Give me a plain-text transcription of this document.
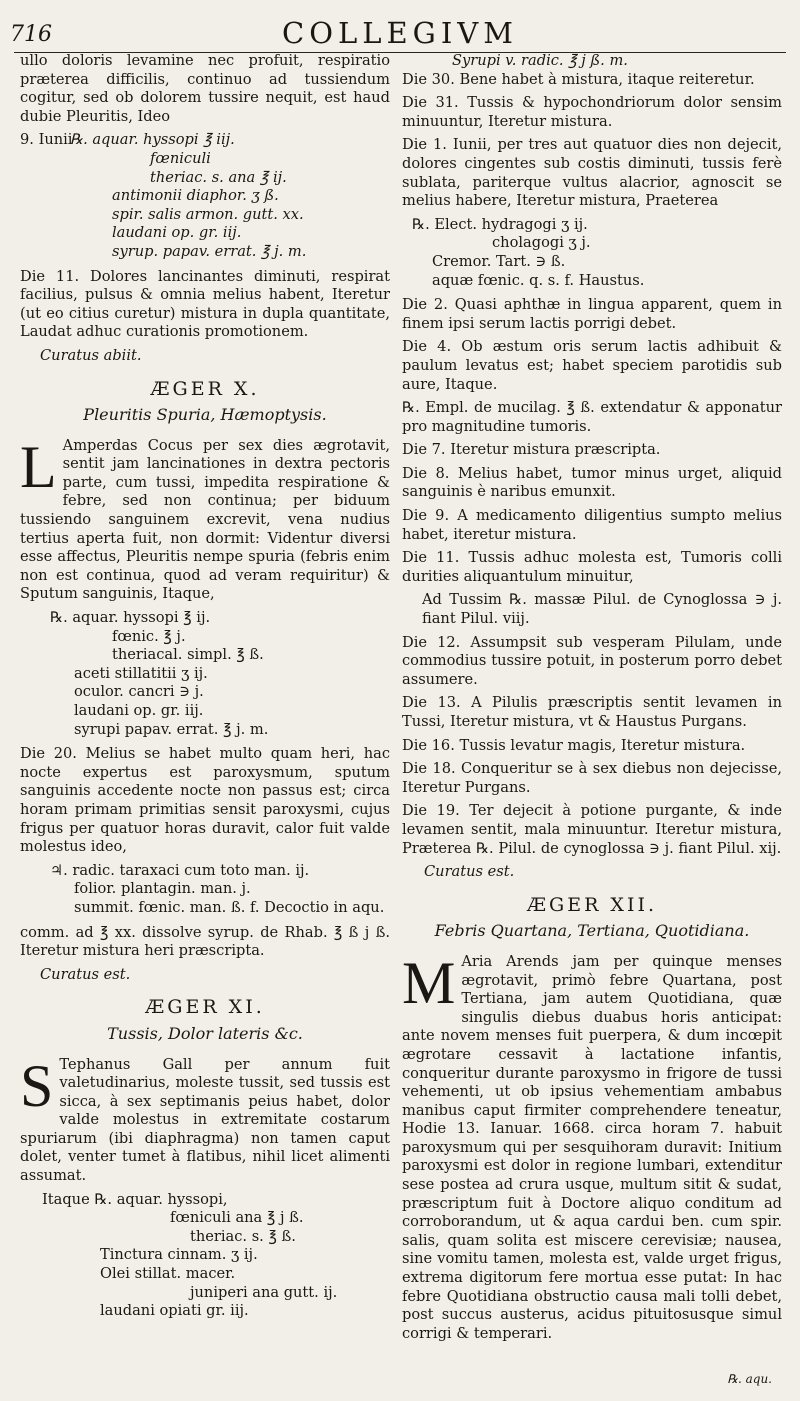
716	COLLEGIVM

ullo doloris levamine nec profuit, respiratio præterea difficilis, continuo ad tussiendum cogitur, sed ob dolorem tussire nequit, est haud dubie Pleuritis, Ideo

9. Iunii℞. aquar. hyssopi ℥ iij.
fœniculi
theriac. s. ana ℥ ij.
antimonii diaphor. ʒ ß.
spir. salis armon. gutt. xx.
laudani op. gr. iij.
syrup. papav. errat. ℥ j. m.

Die 11. Dolores lancinantes diminuti, respirat facilius, pulsus & omnia melius habent, Iteretur (ut eo citius curetur) mistura in dupla quantitate, Laudat adhuc curationis promotionem.

Curatus abiit.

ÆGER X.
Pleuritis Spuria, Hæmoptysis.

L Amperdas Cocus per sex dies ægrotavit, sentit jam lancinationes in dextra pectoris parte, cum tussi, impedita respiratione & febre, sed non continua; per biduum tussiendo sanguinem excrevit, vena nudius tertius aperta fuit, non dormit: Videntur diversi esse affectus, Pleuritis nempe spuria (febris enim non est continua, quod ad veram requiritur) & Sputum sanguinis, Itaque,

℞. aquar. hyssopi ℥ ij.
fœnic. ℥ j.
theriacal. simpl. ℥ ß.
aceti stillatitii ʒ ij.
oculor. cancri ∋ j.
laudani op. gr. iij.
syrupi papav. errat. ℥ j. m.

Die 20. Melius se habet multo quam heri, hac nocte expertus est paroxysmum, sputum sanguinis accedente nocte non passus est; circa horam primam primitias sensit paroxysmi, cujus frigus per quatuor horas duravit, calor fuit valde molestus ideo,

♃. radic. taraxaci cum toto man. ij.
folior. plantagin. man. j.
summit. fœnic. man. ß. f. Decoctio in aqu.

comm. ad ℥ xx. dissolve syrup. de Rhab. ℥ ß j ß. Iteretur mistura heri præscripta.

Curatus est.

ÆGER XI.
Tussis, Dolor lateris &c.

S Tephanus Gall per annum fuit valetudinarius, moleste tussit, sed tussis est sicca, à sex septimanis peius habet, dolor valde molestus in extremitate costarum spuriarum (ibi diaphragma) non tamen caput dolet, venter tumet à flatibus, nihil licet alimenti assumat.

Itaque ℞. aquar. hyssopi,
fœniculi ana ℥ j ß.
theriac. s. ℥ ß.
Tinctura cinnam. ʒ ij.
Olei stillat. macer.
juniperi ana gutt. ij.
laudani opiati gr. iij.
Syrupi v. radic. ℥ j ß. m.

Die 30. Bene habet à mistura, itaque reiteretur.

Die 31. Tussis & hypochondriorum dolor sensim minuuntur, Iteretur mistura.

Die 1. Iunii, per tres aut quatuor dies non dejecit, dolores cingentes sub costis diminuti, tussis ferè sublata, pariterque vultus alacrior, agnoscit se melius habere, Iteretur mistura, Praeterea

℞. Elect. hydragogi ʒ ij.
cholagogi ʒ j.
Cremor. Tart. ∋ ß.
aquæ fœnic. q. s. f. Haustus.

Die 2. Quasi aphthæ in lingua apparent, quem in finem ipsi serum lactis porrigi debet.

Die 4. Ob æstum oris serum lactis adhibuit & paulum levatus est; habet speciem parotidis sub aure, Itaque.

℞. Empl. de mucilag. ℥ ß. extendatur & apponatur pro magnitudine tumoris.

Die 7. Iteretur mistura præscripta.

Die 8. Melius habet, tumor minus urget, aliquid sanguinis è naribus emunxit.

Die 9. A medicamento diligentius sumpto melius habet, iteretur mistura.

Die 11. Tussis adhuc molesta est, Tumoris colli durities aliquantulum minuitur,

Ad Tussim ℞. massæ Pilul. de Cynoglossa ∋ j. fiant Pilul. viij.

Die 12. Assumpsit sub vesperam Pilulam, unde commodius tussire potuit, in posterum porro debet assumere.

Die 13. A Pilulis præscriptis sentit levamen in Tussi, Iteretur mistura, vt & Haustus Purgans.

Die 16. Tussis levatur magis, Iteretur mistura.

Die 18. Conqueritur se à sex diebus non dejecisse, Iteretur Purgans.

Die 19. Ter dejecit à potione purgante, & inde levamen sentit, mala minuuntur. Iteretur mistura, Præterea ℞. Pilul. de cynoglossa ∋ j. fiant Pilul. xij.

Curatus est.

ÆGER XII.
Febris Quartana, Tertiana, Quotidiana.

M Aria Arends jam per quinque menses ægrotavit, primò febre Quartana, post Tertiana, jam autem Quotidiana, quæ singulis diebus duabus horis anticipat: ante novem menses fuit puerpera, & dum incœpit ægrotare cessavit à lactatione infantis, conqueritur durante paroxysmo in frigore de tussi vehementi, ut ob ipsius vehementiam ambabus manibus caput firmiter comprehendere teneatur, Hodie 13. Ianuar. 1668. circa horam 7. habuit paroxysmum qui per sesquihoram duravit: Initium paroxysmi est dolor in regione lumbari, extenditur sese postea ad crura usque, multum sitit & sudat, præscriptum fuit à Doctore aliquo conditum ad corroborandum, ut & aqua cardui ben. cum spir. salis, quam solita est miscere cerevisiæ; nausea, sine vomitu tamen, molesta est, valde urget frigus, extrema digitorum fere mortua esse putat: In hac febre Quotidiana obstructio causa mali tolli debet, post succus austerus, acidus pituitosusque simul corrigi & temperari.

℞. aqu.
